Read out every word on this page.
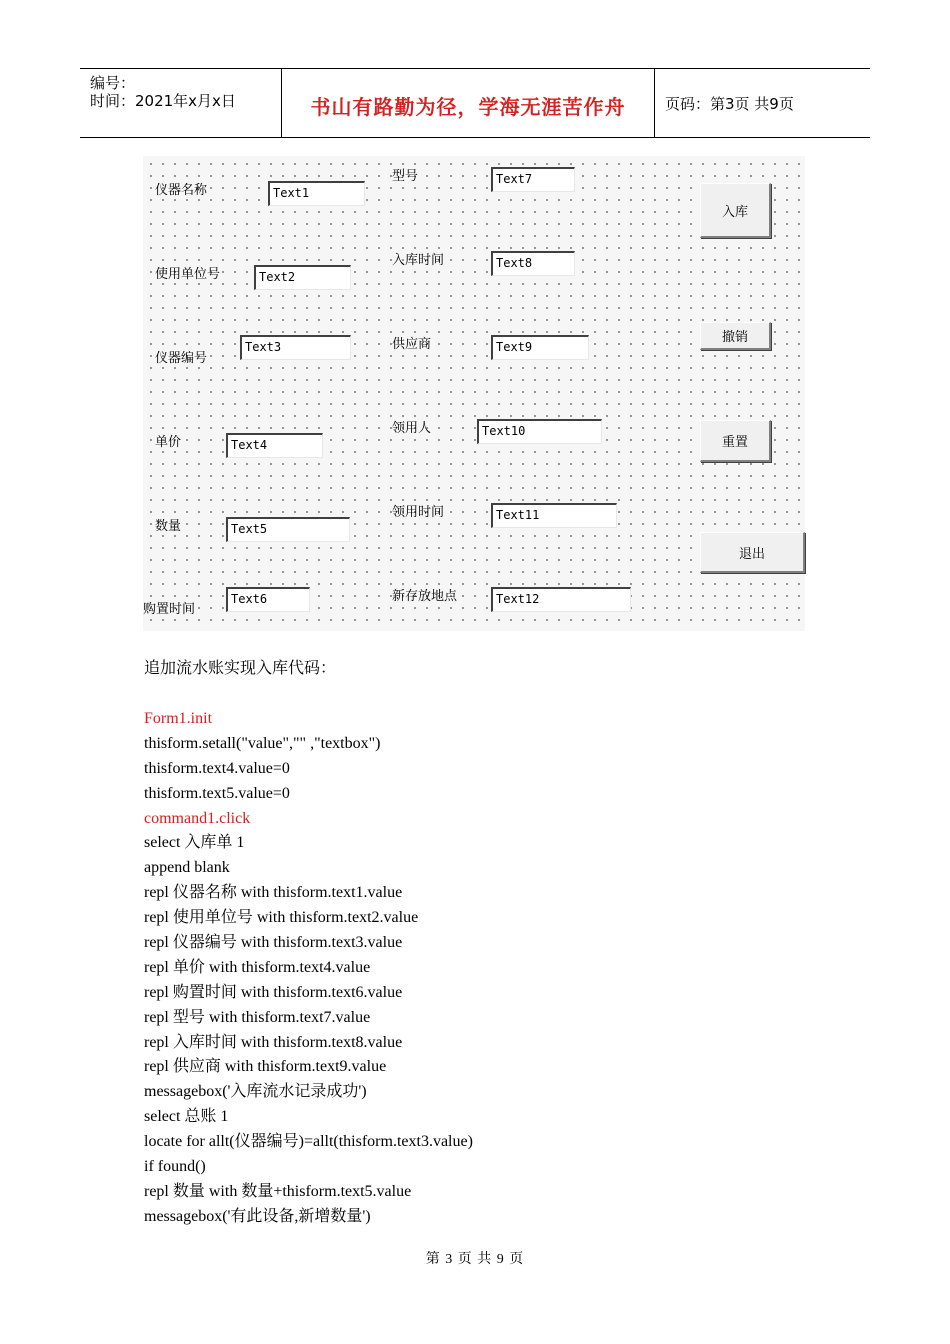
编号：
时间：2021年x月x日	书山有路勤为径，学海无涯苦作舟	页码：第3页 共9页
仪器名称
使用单位号
仪器编号
单价
数量
购置时间
型号
入库时间
供应商
领用人
领用时间
新存放地点
Text1
Text2
Text3
Text4
Text5
Text6
Text7
Text8
Text9
Text10
Text11
Text12
入库
撤销
重置
退出
追加流水账实现入库代码：
Form1.init
thisform.setall("value","" ,"textbox")
thisform.text4.value=0
thisform.text5.value=0
command1.click
select 入库单 1
append blank
repl 仪器名称 with thisform.text1.value
repl 使用单位号 with thisform.text2.value
repl 仪器编号 with thisform.text3.value
repl 单价 with thisform.text4.value
repl 购置时间 with thisform.text6.value
repl 型号 with thisform.text7.value
repl 入库时间 with thisform.text8.value
repl 供应商 with thisform.text9.value
messagebox('入库流水记录成功')
select 总账 1
locate for allt(仪器编号)=allt(thisform.text3.value)
if found()
repl 数量 with 数量+thisform.text5.value
messagebox('有此设备,新增数量')
第 3 页 共 9 页
